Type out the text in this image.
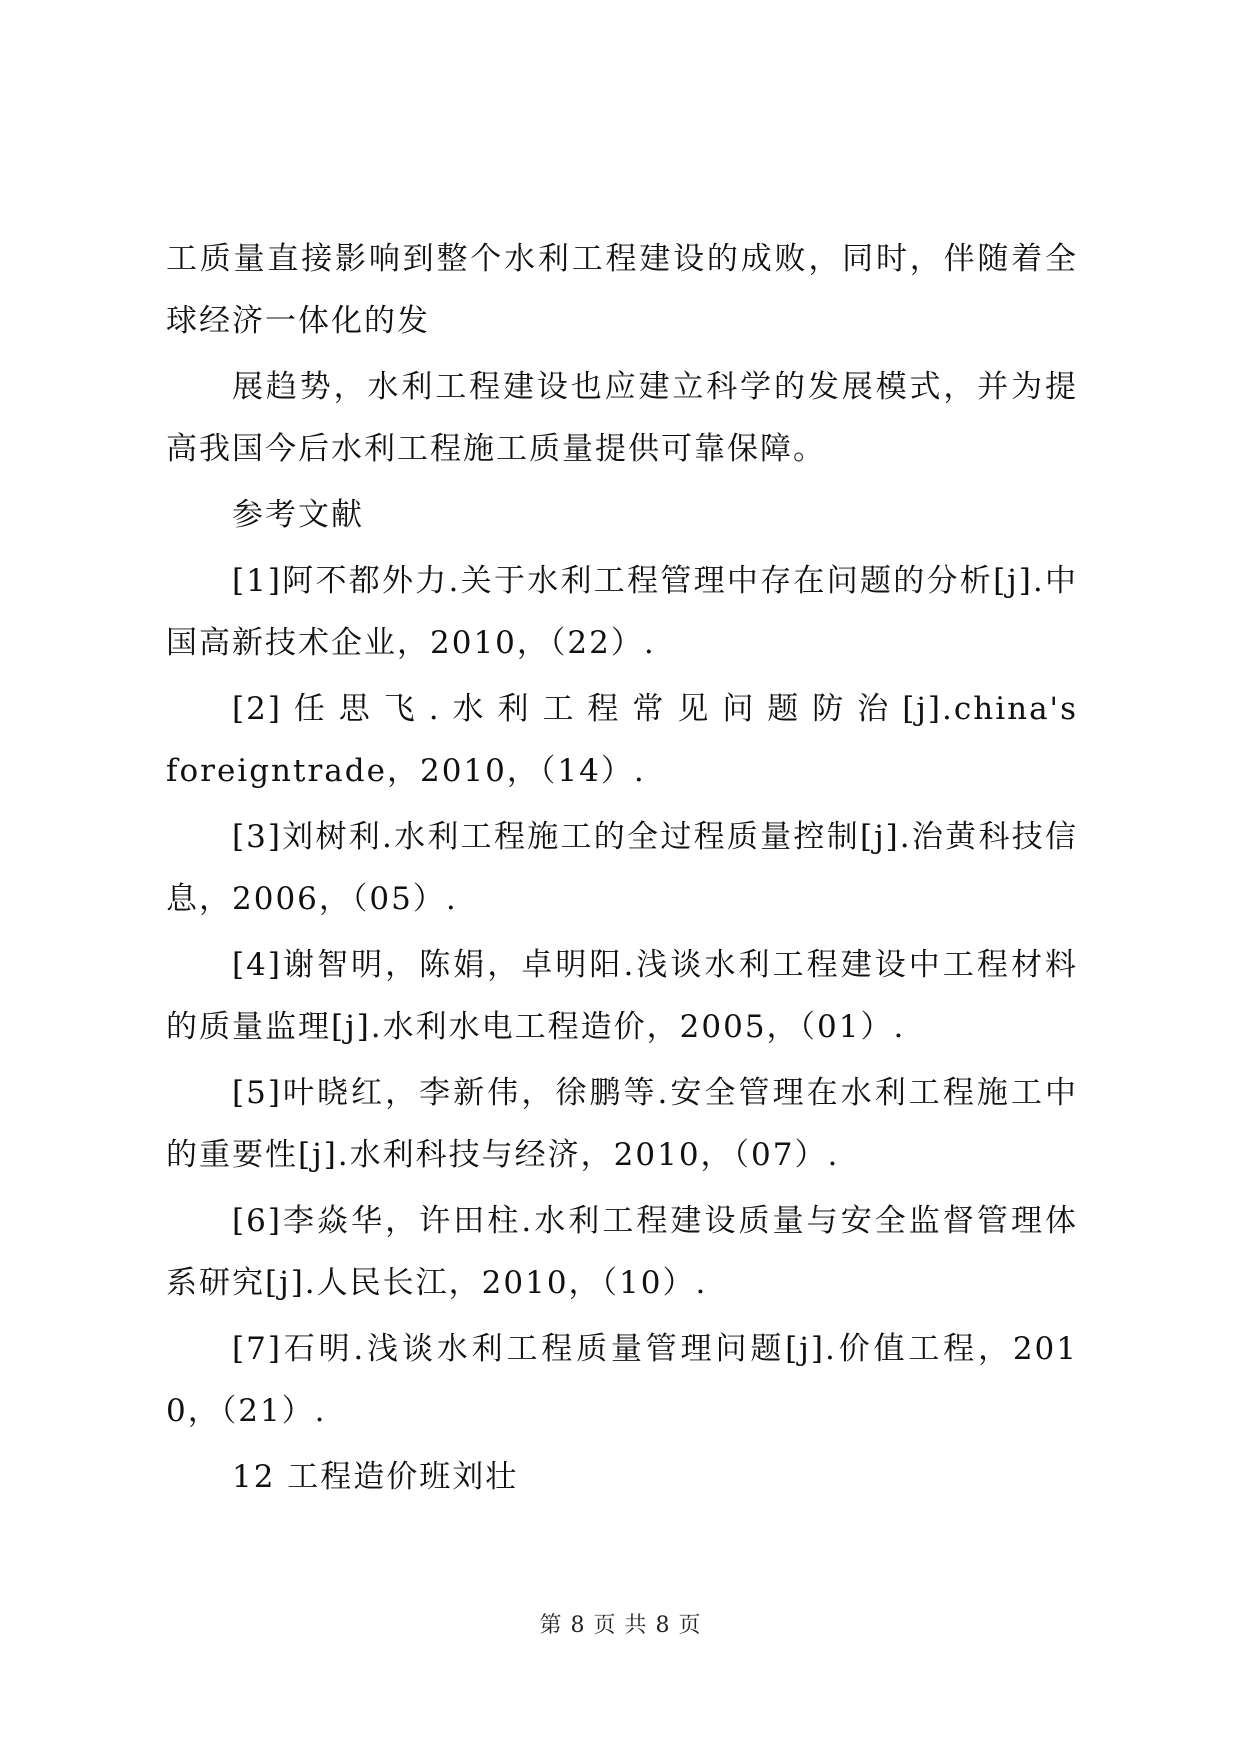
工质量直接影响到整个水利工程建设的成败，同时，伴随着全球经济一体化的发

展趋势，水利工程建设也应建立科学的发展模式，并为提高我国今后水利工程施工质量提供可靠保障。

参考文献

[1]阿不都外力.关于水利工程管理中存在问题的分析[j].中国高新技术企业，2010，（22）.

[2] 任 思 飞 . 水 利 工 程 常 见 问 题 防 治 [j].china'sforeigntrade，2010，（14）.

[3]刘树利.水利工程施工的全过程质量控制[j].治黄科技信息，2006，（05）.

[4]谢智明，陈娟，卓明阳.浅谈水利工程建设中工程材料的质量监理[j].水利水电工程造价，2005，（01）.

[5]叶晓红，李新伟，徐鹏等.安全管理在水利工程施工中的重要性[j].水利科技与经济，2010，（07）.

[6]李焱华，许田柱.水利工程建设质量与安全监督管理体系研究[j].人民长江，2010，（10）.

[7]石明.浅谈水利工程质量管理问题[j].价值工程，2010，（21）.

12 工程造价班刘壮

第 8 页 共 8 页
